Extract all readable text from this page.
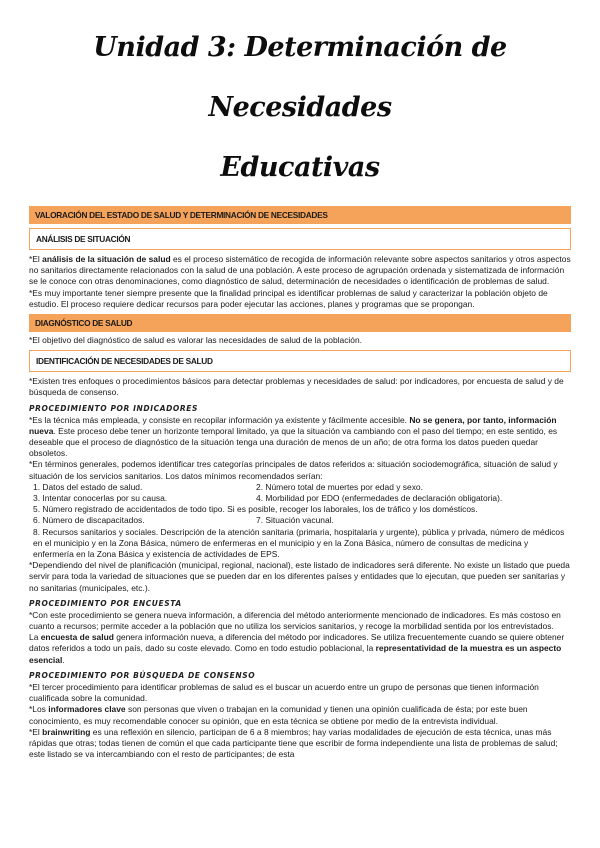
Unidad 3: Determinación de Necesidades
Educativas
VALORACIÓN DEL ESTADO DE SALUD Y DETERMINACIÓN DE NECESIDADES
ANÁLISIS DE SITUACIÓN

*El análisis de la situación de salud es el proceso sistemático de recogida de información relevante sobre aspectos sanitarios y otros aspectos no sanitarios directamente relacionados con la salud de una población. A este proceso de agrupación ordenada y sistematizada de información se le conoce con otras denominaciones, como diagnóstico de salud, determinación de necesidades o identificación de problemas de salud.

*Es muy importante tener siempre presente que la finalidad principal es identificar problemas de salud y caracterizar la población objeto de estudio. El proceso requiere dedicar recursos para poder ejecutar las acciones, planes y programas que se propongan.

DIAGNÓSTICO DE SALUD

*El objetivo del diagnóstico de salud es valorar las necesidades de salud de la población.

IDENTIFICACIÓN DE NECESIDADES DE SALUD

*Existen tres enfoques o procedimientos básicos para detectar problemas y necesidades de salud: por indicadores, por encuesta de salud y de búsqueda de consenso.

PROCEDIMIENTO POR INDICADORES

*Es la técnica más empleada, y consiste en recopilar información ya existente y fácilmente accesible. No se genera, por tanto, información nueva. Este proceso debe tener un horizonte temporal limitado, ya que la situación va cambiando con el paso del tiempo; en este sentido, es deseable que el proceso de diagnóstico de la situación tenga una duración de menos de un año; de otra forma los datos pueden quedar obsoletos.

*En términos generales, podemos identificar tres categorías principales de datos referidos a: situación sociodemográfica, situación de salud y situación de los servicios sanitarios. Los datos mínimos recomendados serían:

1. Datos del estado de salud.	2. Número total de muertes por edad y sexo.
3. Intentar conocerlas por su causa.	4. Morbilidad por EDO (enfermedades de declaración obligatoria).
5. Número registrado de accidentados de todo tipo. Si es posible, recoger los laborales, los de tráfico y los domésticos.
6. Número de discapacitados.	7. Situación vacunal.
8. Recursos sanitarios y sociales. Descripción de la atención sanitaria (primaria, hospitalaria y urgente), pública y privada, número de médicos en el municipio y en la Zona Básica, número de enfermeras en el municipio y en la Zona Básica, número de consultas de medicina y enfermería en la Zona Básica y existencia de actividades de EPS.

*Dependiendo del nivel de planificación (municipal, regional, nacional), este listado de indicadores será diferente. No existe un listado que pueda servir para toda la variedad de situaciones que se pueden dar en los diferentes países y entidades que lo ejecutan, que pueden ser sanitarias y no sanitarias (municipales, etc.).

PROCEDIMIENTO POR ENCUESTA

*Con este procedimiento se genera nueva información, a diferencia del método anteriormente mencionado de indicadores. Es más costoso en cuanto a recursos; permite acceder a la población que no utiliza los servicios sanitarios, y recoge la morbilidad sentida por los entrevistados.

La encuesta de salud genera información nueva, a diferencia del método por indicadores. Se utiliza frecuentemente cuando se quiere obtener datos referidos a todo un país, dado su coste elevado. Como en todo estudio poblacional, la representatividad de la muestra es un aspecto esencial.

PROCEDIMIENTO POR BÚSQUEDA DE CONSENSO

*El tercer procedimiento para identificar problemas de salud es el buscar un acuerdo entre un grupo de personas que tienen información cualificada sobre la comunidad.

*Los informadores clave son personas que viven o trabajan en la comunidad y tienen una opinión cualificada de ésta; por este buen conocimiento, es muy recomendable conocer su opinión, que en esta técnica se obtiene por medio de la entrevista individual.

*El brainwriting es una reflexión en silencio, participan de 6 a 8 miembros; hay varias modalidades de ejecución de esta técnica, unas más rápidas que otras; todas tienen de común el que cada participante tiene que escribir de forma independiente una lista de problemas de salud; este listado se va intercambiando con el resto de participantes; de esta
